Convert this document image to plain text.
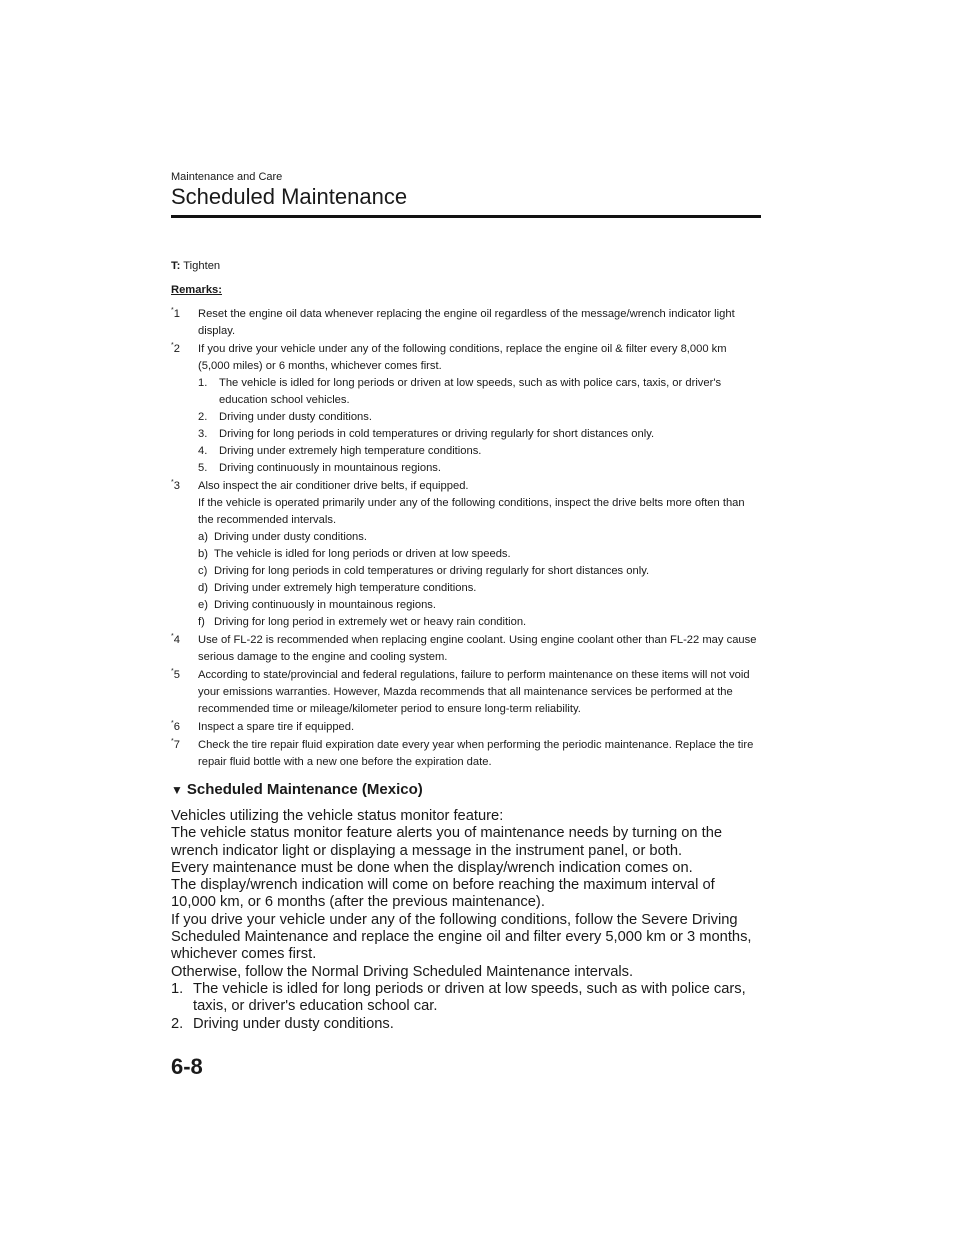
Maintenance and Care
Scheduled Maintenance
T: Tighten
Remarks:
*1 Reset the engine oil data whenever replacing the engine oil regardless of the message/wrench indicator light display.
*2 If you drive your vehicle under any of the following conditions, replace the engine oil & filter every 8,000 km (5,000 miles) or 6 months, whichever comes first.
1. The vehicle is idled for long periods or driven at low speeds, such as with police cars, taxis, or driver's education school vehicles.
2. Driving under dusty conditions.
3. Driving for long periods in cold temperatures or driving regularly for short distances only.
4. Driving under extremely high temperature conditions.
5. Driving continuously in mountainous regions.
*3 Also inspect the air conditioner drive belts, if equipped.
If the vehicle is operated primarily under any of the following conditions, inspect the drive belts more often than the recommended intervals.
a) Driving under dusty conditions.
b) The vehicle is idled for long periods or driven at low speeds.
c) Driving for long periods in cold temperatures or driving regularly for short distances only.
d) Driving under extremely high temperature conditions.
e) Driving continuously in mountainous regions.
f) Driving for long period in extremely wet or heavy rain condition.
*4 Use of FL-22 is recommended when replacing engine coolant. Using engine coolant other than FL-22 may cause serious damage to the engine and cooling system.
*5 According to state/provincial and federal regulations, failure to perform maintenance on these items will not void your emissions warranties. However, Mazda recommends that all maintenance services be performed at the recommended time or mileage/kilometer period to ensure long-term reliability.
*6 Inspect a spare tire if equipped.
*7 Check the tire repair fluid expiration date every year when performing the periodic maintenance. Replace the tire repair fluid bottle with a new one before the expiration date.
▼ Scheduled Maintenance (Mexico)

Vehicles utilizing the vehicle status monitor feature:

The vehicle status monitor feature alerts you of maintenance needs by turning on the wrench indicator light or displaying a message in the instrument panel, or both.

Every maintenance must be done when the display/wrench indication comes on.

The display/wrench indication will come on before reaching the maximum interval of 10,000 km, or 6 months (after the previous maintenance).

If you drive your vehicle under any of the following conditions, follow the Severe Driving Scheduled Maintenance and replace the engine oil and filter every 5,000 km or 3 months, whichever comes first.

Otherwise, follow the Normal Driving Scheduled Maintenance intervals.

1. The vehicle is idled for long periods or driven at low speeds, such as with police cars, taxis, or driver's education school car.
2. Driving under dusty conditions.
6-8
